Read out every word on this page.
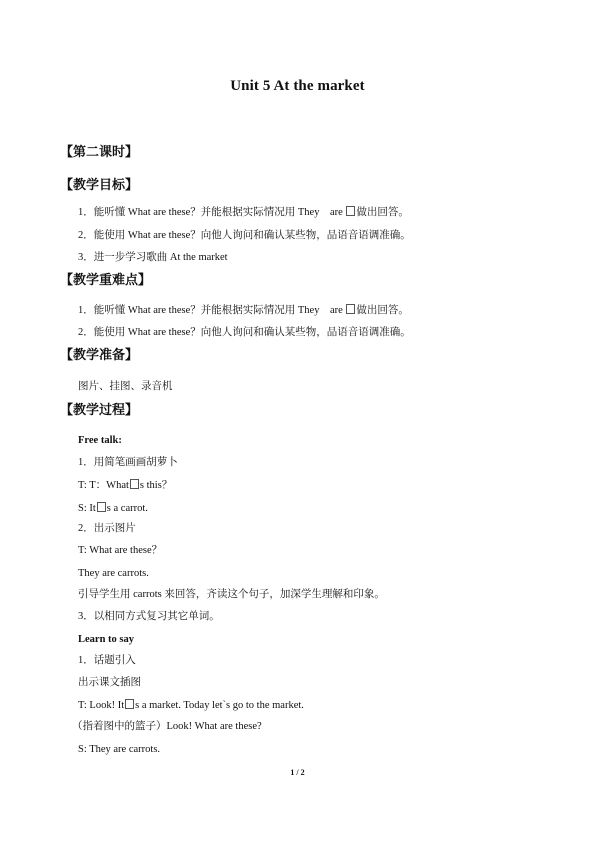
Unit 5 At the market
【第二课时】
【教学目标】
1．能听懂 What are these？并能根据实际情况用 They　are 做出回答。
2．能使用 What are these？向他人询问和确认某些物，品语音语调准确。
3．进一步学习歌曲 At the market
【教学重难点】
1．能听懂 What are these？并能根据实际情况用 They　are 做出回答。
2．能使用 What are these？向他人询问和确认某些物，品语音语调准确。
【教学准备】
图片、挂图、录音机
【教学过程】
Free talk:
1．用简笔画画胡萝卜
T: T：What s this？
S: It s a carrot.
2．出示图片
T: What are these？
They are carrots.
引导学生用 carrots 来回答，齐读这个句子，加深学生理解和印象。
3．以相同方式复习其它单词。
Learn to say
1．话题引入
出示课文插图
T: Look! It s a market. Today let`s go to the market.
（指着图中的篮子）Look! What are these?
S: They are carrots.
1 / 2
